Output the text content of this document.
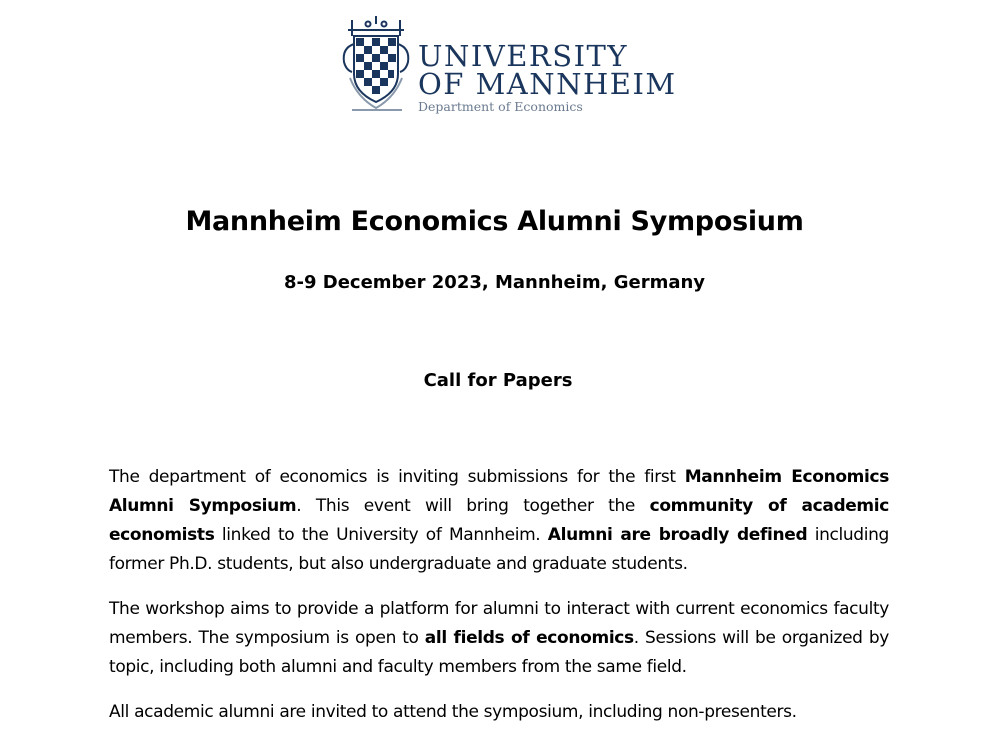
UNIVERSITY
OF MANNHEIM
Department of Economics
Mannheim Economics Alumni Symposium
8-9 December 2023, Mannheim, Germany
Call for Papers

The department of economics is inviting submissions for the first Mannheim Economics Alumni Symposium. This event will bring together the community of academic economists linked to the University of Mannheim. Alumni are broadly defined including former Ph.D. students, but also undergraduate and graduate students.

The workshop aims to provide a platform for alumni to interact with current economics faculty members. The symposium is open to all fields of economics. Sessions will be organized by topic, including both alumni and faculty members from the same field.

All academic alumni are invited to attend the symposium, including non-presenters.
